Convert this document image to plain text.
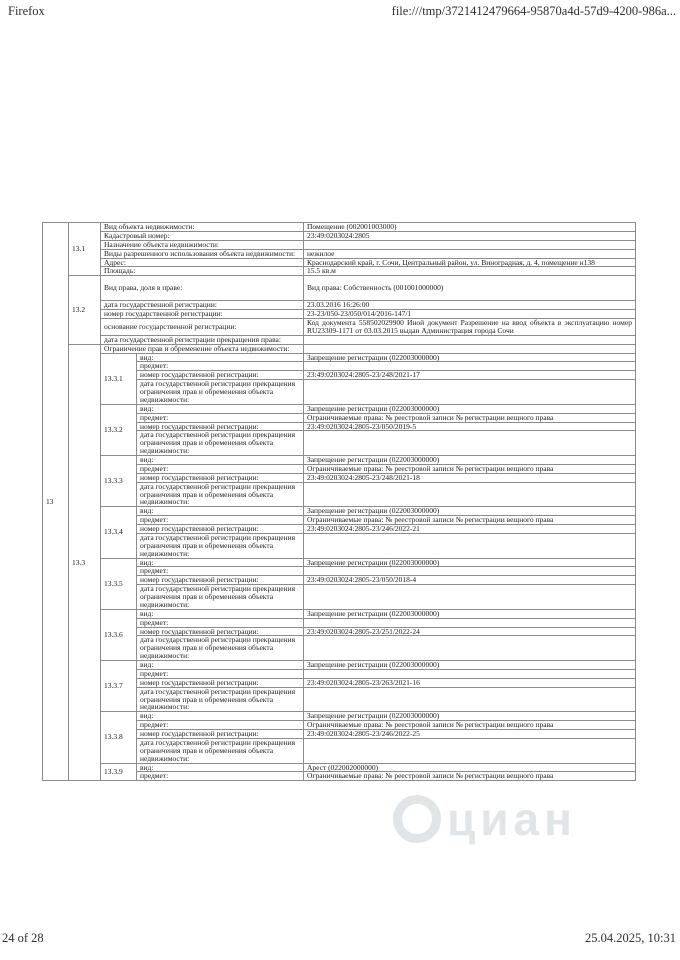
Firefox	file:///tmp/3721412479664-95870a4d-57d9-4200-986a...
циан
13	13.1	Вид объекта недвижимости:		Помещение (002001003000)
		Кадастровый номер:		23:49:0203024:2805
		Назначение объекта недвижимости:		
		Виды разрешенного использования объекта недвижимости:		нежилое
		Адрес:		Краснодарский край, г. Сочи, Центральный район, ул. Виноградная, д. 4, помещение н138
		Площадь:		15.5 кв.м
	13.2	Вид права, доля в праве:		Вид права: Собственность (001001000000)
		дата государственной регистрации:		23.03.2016 16:26:00
		номер государственной регистрации:		23-23/050-23/050/014/2016-147/1
		основание государственной регистрации:		Код документа 558502029900 Иной документ Разрешение на ввод объекта в эксплуатацию номер RU23309-1171 от 03.03.2015 выдан Администрация города Сочи
		дата государственной регистрации прекращения права:		
	13.3	Ограничение прав и обременение объекта недвижимости:		
		13.3.1	вид:	Запрещение регистрации (022003000000)
			предмет:	
			номер государственной регистрации:	23:49:0203024:2805-23/248/2021-17
			дата государственной регистрации прекращения ограничения прав и обременения объекта недвижимости:	
		13.3.2	вид:	Запрещение регистрации (022003000000)
			предмет:	Ограничиваемые права: № реестровой записи № регистрации вещного права
			номер государственной регистрации:	23:49:0203024:2805-23/050/2019-5
			дата государственной регистрации прекращения ограничения прав и обременения объекта недвижимости:	
		13.3.3	вид:	Запрещение регистрации (022003000000)
			предмет:	Ограничиваемые права: № реестровой записи № регистрации вещного права
			номер государственной регистрации:	23:49:0203024:2805-23/248/2021-18
			дата государственной регистрации прекращения ограничения прав и обременения объекта недвижимости:	
		13.3.4	вид:	Запрещение регистрации (022003000000)
			предмет:	Ограничиваемые права: № реестровой записи № регистрации вещного права
			номер государственной регистрации:	23:49:0203024:2805-23/246/2022-21
			дата государственной регистрации прекращения ограничения прав и обременения объекта недвижимости:	
		13.3.5	вид:	Запрещение регистрации (022003000000)
			предмет:	
			номер государственной регистрации:	23:49:0203024:2805-23/050/2018-4
			дата государственной регистрации прекращения ограничения прав и обременения объекта недвижимости:	
		13.3.6	вид:	Запрещение регистрации (022003000000)
			предмет:	
			номер государственной регистрации:	23:49:0203024:2805-23/251/2022-24
			дата государственной регистрации прекращения ограничения прав и обременения объекта недвижимости:	
		13.3.7	вид:	Запрещение регистрации (022003000000)
			предмет:	
			номер государственной регистрации:	23:49:0203024:2805-23/263/2021-16
			дата государственной регистрации прекращения ограничения прав и обременения объекта недвижимости:	
		13.3.8	вид:	Запрещение регистрации (022003000000)
			предмет:	Ограничиваемые права: № реестровой записи № регистрации вещного права
			номер государственной регистрации:	23:49:0203024:2805-23/246/2022-25
			дата государственной регистрации прекращения ограничения прав и обременения объекта недвижимости:	
		13.3.9	вид:	Арест (022002000000)
			предмет:	Ограничиваемые права: № реестровой записи № регистрации вещного права
24 of 28	25.04.2025, 10:31
